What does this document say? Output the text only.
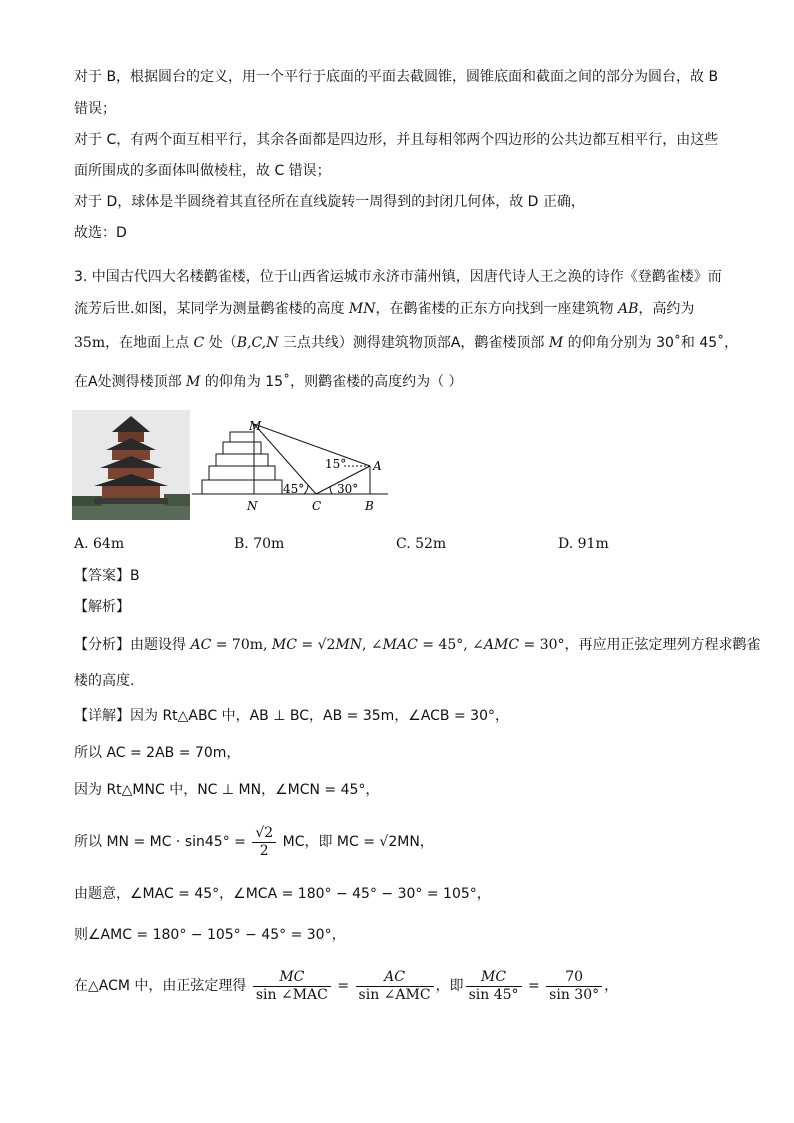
对于 B，根据圆台的定义，用一个平行于底面的平面去截圆锥，圆锥底面和截面之间的部分为圆台，故 B
错误；
对于 C，有两个面互相平行，其余各面都是四边形，并且每相邻两个四边形的公共边都互相平行，由这些
面所围成的多面体叫做棱柱，故 C 错误；
对于 D，球体是半圆绕着其直径所在直线旋转一周得到的封闭几何体，故 D 正确，
故选：D
3. 中国古代四大名楼鹳雀楼，位于山西省运城市永济市蒲州镇，因唐代诗人王之涣的诗作《登鹳雀楼》而
流芳后世.如图，某同学为测量鹳雀楼的高度 MN，在鹳雀楼的正东方向找到一座建筑物 AB，高约为
35m，在地面上点 C 处（B,C,N 三点共线）测得建筑物顶部A，鹳雀楼顶部 M 的仰角分别为 30˚和 45˚，
在A处测得楼顶部 M 的仰角为 15˚，则鹳雀楼的高度约为（ ）
M
A
N	C	B
15°
45°	30°
A. 64m	B. 70m	C. 52m	D. 91m
【答案】B
【解析】
【分析】由题设得 AC = 70m, MC = √2MN, ∠MAC = 45°, ∠AMC = 30°，再应用正弦定理列方程求鹳雀
楼的高度.
【详解】因为 Rt△ABC 中，AB ⊥ BC，AB = 35m，∠ACB = 30°，
所以 AC = 2AB = 70m，
因为 Rt△MNC 中，NC ⊥ MN，∠MCN = 45°，
所以 MN = MC · $\sin 45^\circ = \frac{√2}{2}$ MC，即 MC = √2MN，
由题意，∠MAC = 45°，∠MCA = 180° − 45° − 30° = 105°，
则∠AMC = 180° − 105° − 45° = 30°，
在△ACM 中，由正弦定理得 $\frac{MC}{\text{sin ∠MAC}} = \frac{AC}{\text{sin ∠AMC}}$ ，即 $\frac{MC}{\sin 45^\circ} = \frac{70}{\sin 30^\circ}$ ，
